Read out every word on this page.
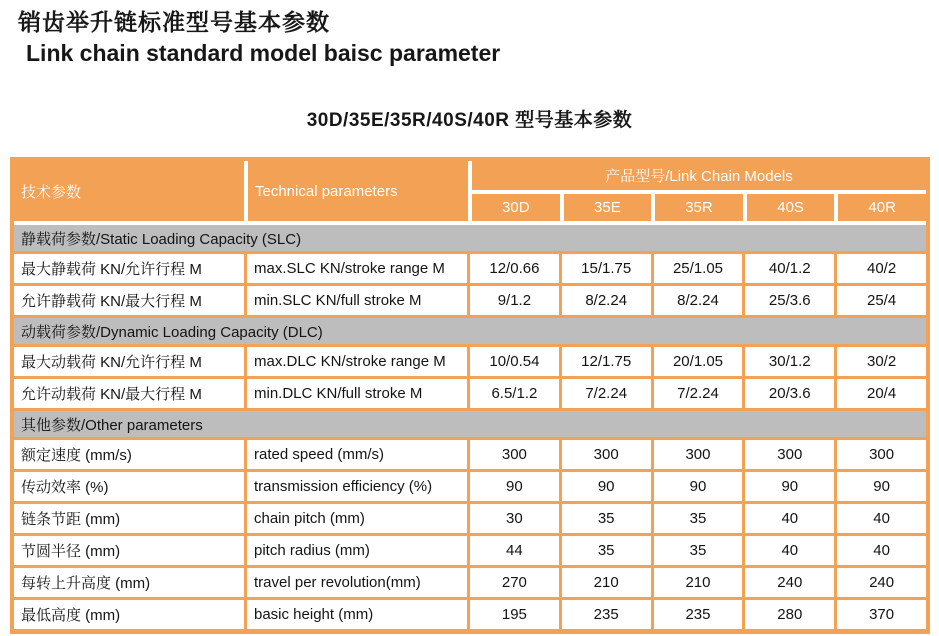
销齿举升链标准型号基本参数
Link chain standard model baisc parameter
30D/35E/35R/40S/40R 型号基本参数
技术参数	Technical parameters
产品型号/Link Chain Models
30D	35E	35R	40S	40R
静载荷参数/Static Loading Capacity (SLC)
最大静载荷 KN/允许行程 M	max.SLC KN/stroke range M	12/0.66	15/1.75	25/1.05	40/1.2	40/2
允许静载荷 KN/最大行程 M	min.SLC KN/full stroke M	9/1.2	8/2.24	8/2.24	25/3.6	25/4
动载荷参数/Dynamic Loading Capacity (DLC)
最大动载荷 KN/允许行程 M	max.DLC KN/stroke range M	10/0.54	12/1.75	20/1.05	30/1.2	30/2
允许动载荷 KN/最大行程 M	min.DLC KN/full stroke M	6.5/1.2	7/2.24	7/2.24	20/3.6	20/4
其他参数/Other parameters
额定速度 (mm/s)	rated speed (mm/s)	300	300	300	300	300
传动效率 (%)	transmission efficiency (%)	90	90	90	90	90
链条节距 (mm)	chain pitch (mm)	30	35	35	40	40
节圆半径 (mm)	pitch radius (mm)	44	35	35	40	40
每转上升高度 (mm)	travel per revolution(mm)	270	210	210	240	240
最低高度 (mm)	basic height (mm)	195	235	235	280	370
